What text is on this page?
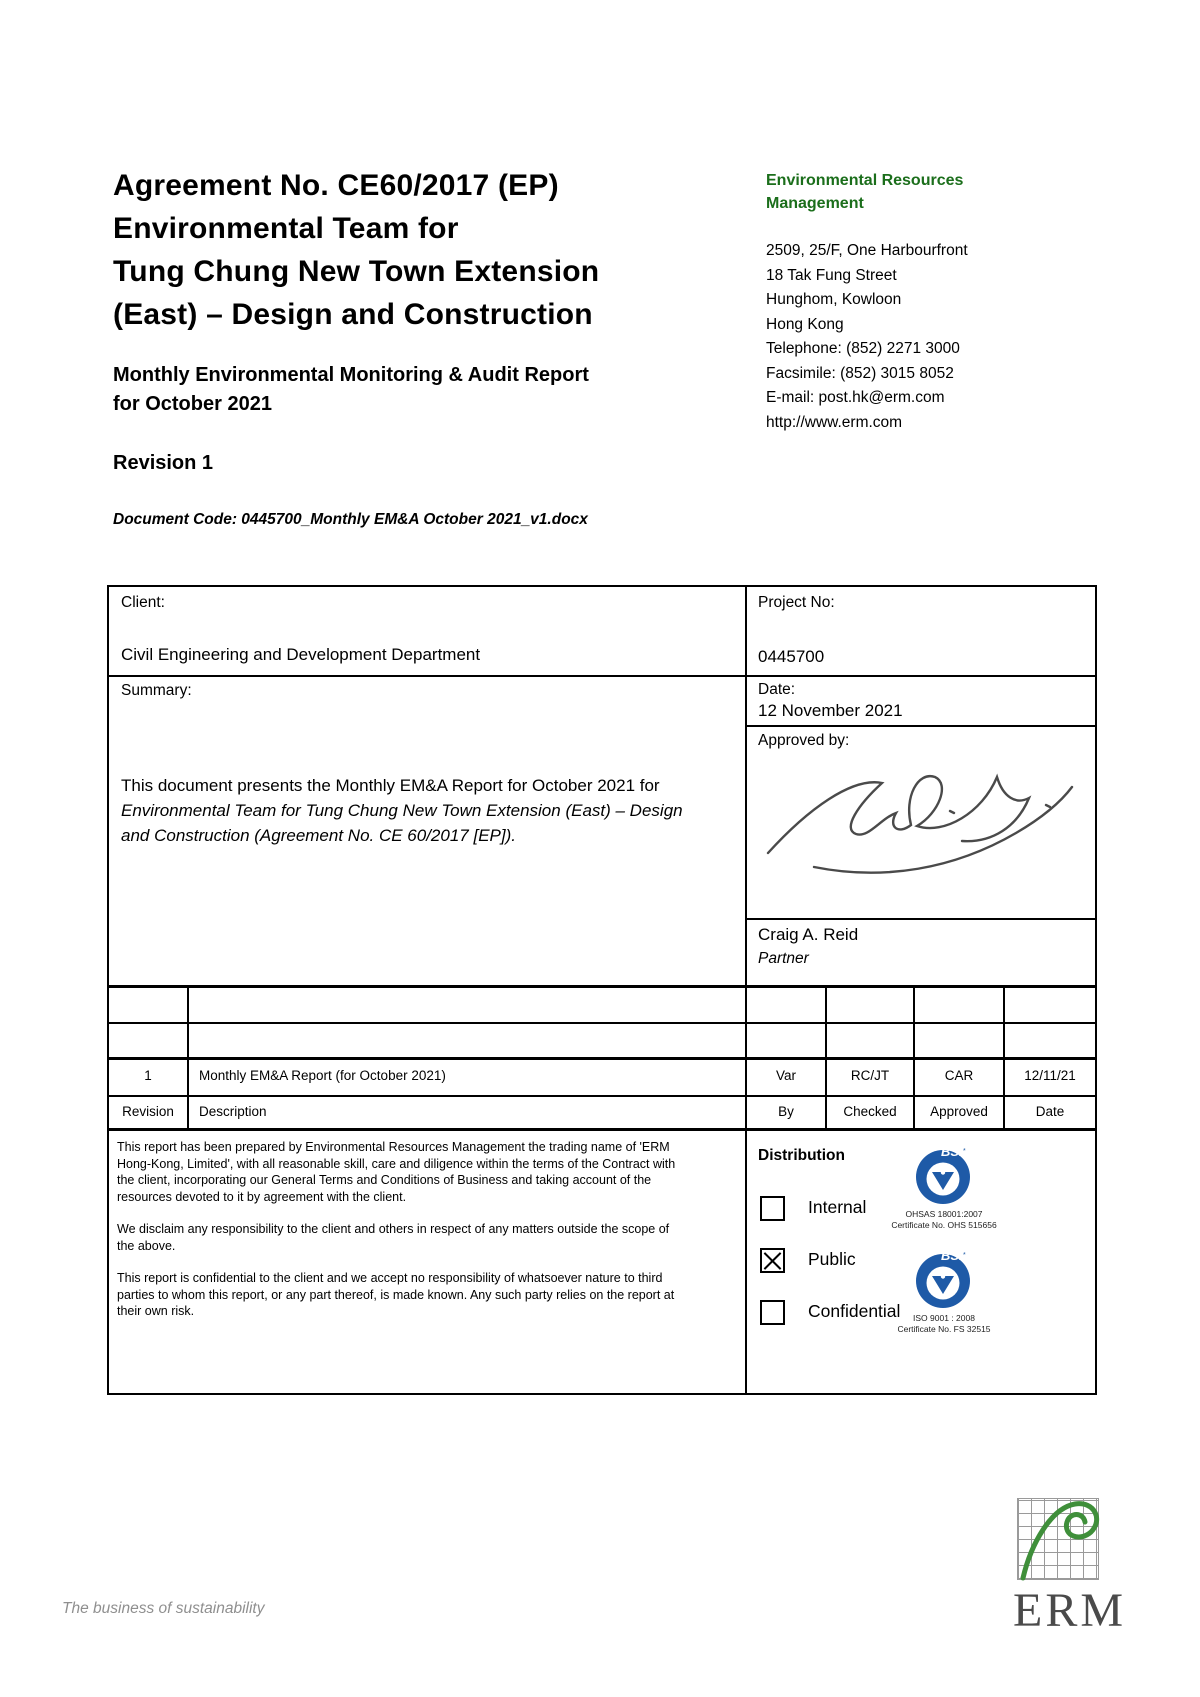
Agreement No. CE60/2017 (EP)
Environmental Team for
Tung Chung New Town Extension
(East) – Design and Construction
Monthly Environmental Monitoring & Audit Report
for October 2021
Revision 1
Document Code: 0445700_Monthly EM&A October 2021_v1.docx
Environmental Resources
Management
2509, 25/F, One Harbourfront
18 Tak Fung Street
Hunghom, Kowloon
Hong Kong
Telephone: (852) 2271 3000
Facsimile: (852) 3015 8052
E-mail: post.hk@erm.com
http://www.erm.com
Client:
Civil Engineering and Development Department
Project No:
0445700
Summary:
This document presents the Monthly EM&A Report for October 2021 for Environmental Team for Tung Chung New Town Extension (East) – Design and Construction (Agreement No. CE 60/2017 [EP]).
Date:
12 November 2021
Approved by:
Craig A. Reid
Partner
1	Monthly EM&A Report (for October 2021)	Var	RC/JT	CAR	12/11/21
Revision	Description	By	Checked	Approved	Date

This report has been prepared by Environmental Resources Management the trading name of 'ERM Hong-Kong, Limited', with all reasonable skill, care and diligence within the terms of the Contract with the client, incorporating our General Terms and Conditions of Business and taking account of the resources devoted to it by agreement with the client.

We disclaim any responsibility to the client and others in respect of any matters outside the scope of the above.

This report is confidential to the client and we accept no responsibility of whatsoever nature to third parties to whom this report, or any part thereof, is made known. Any such party relies on the report at their own risk.

Distribution
Internal
Public
Confidential
BSI *
OHSAS 18001:2007
Certificate No. OHS 515656
BSI *
ISO 9001 : 2008
Certificate No. FS 32515
ERM
The business of sustainability
